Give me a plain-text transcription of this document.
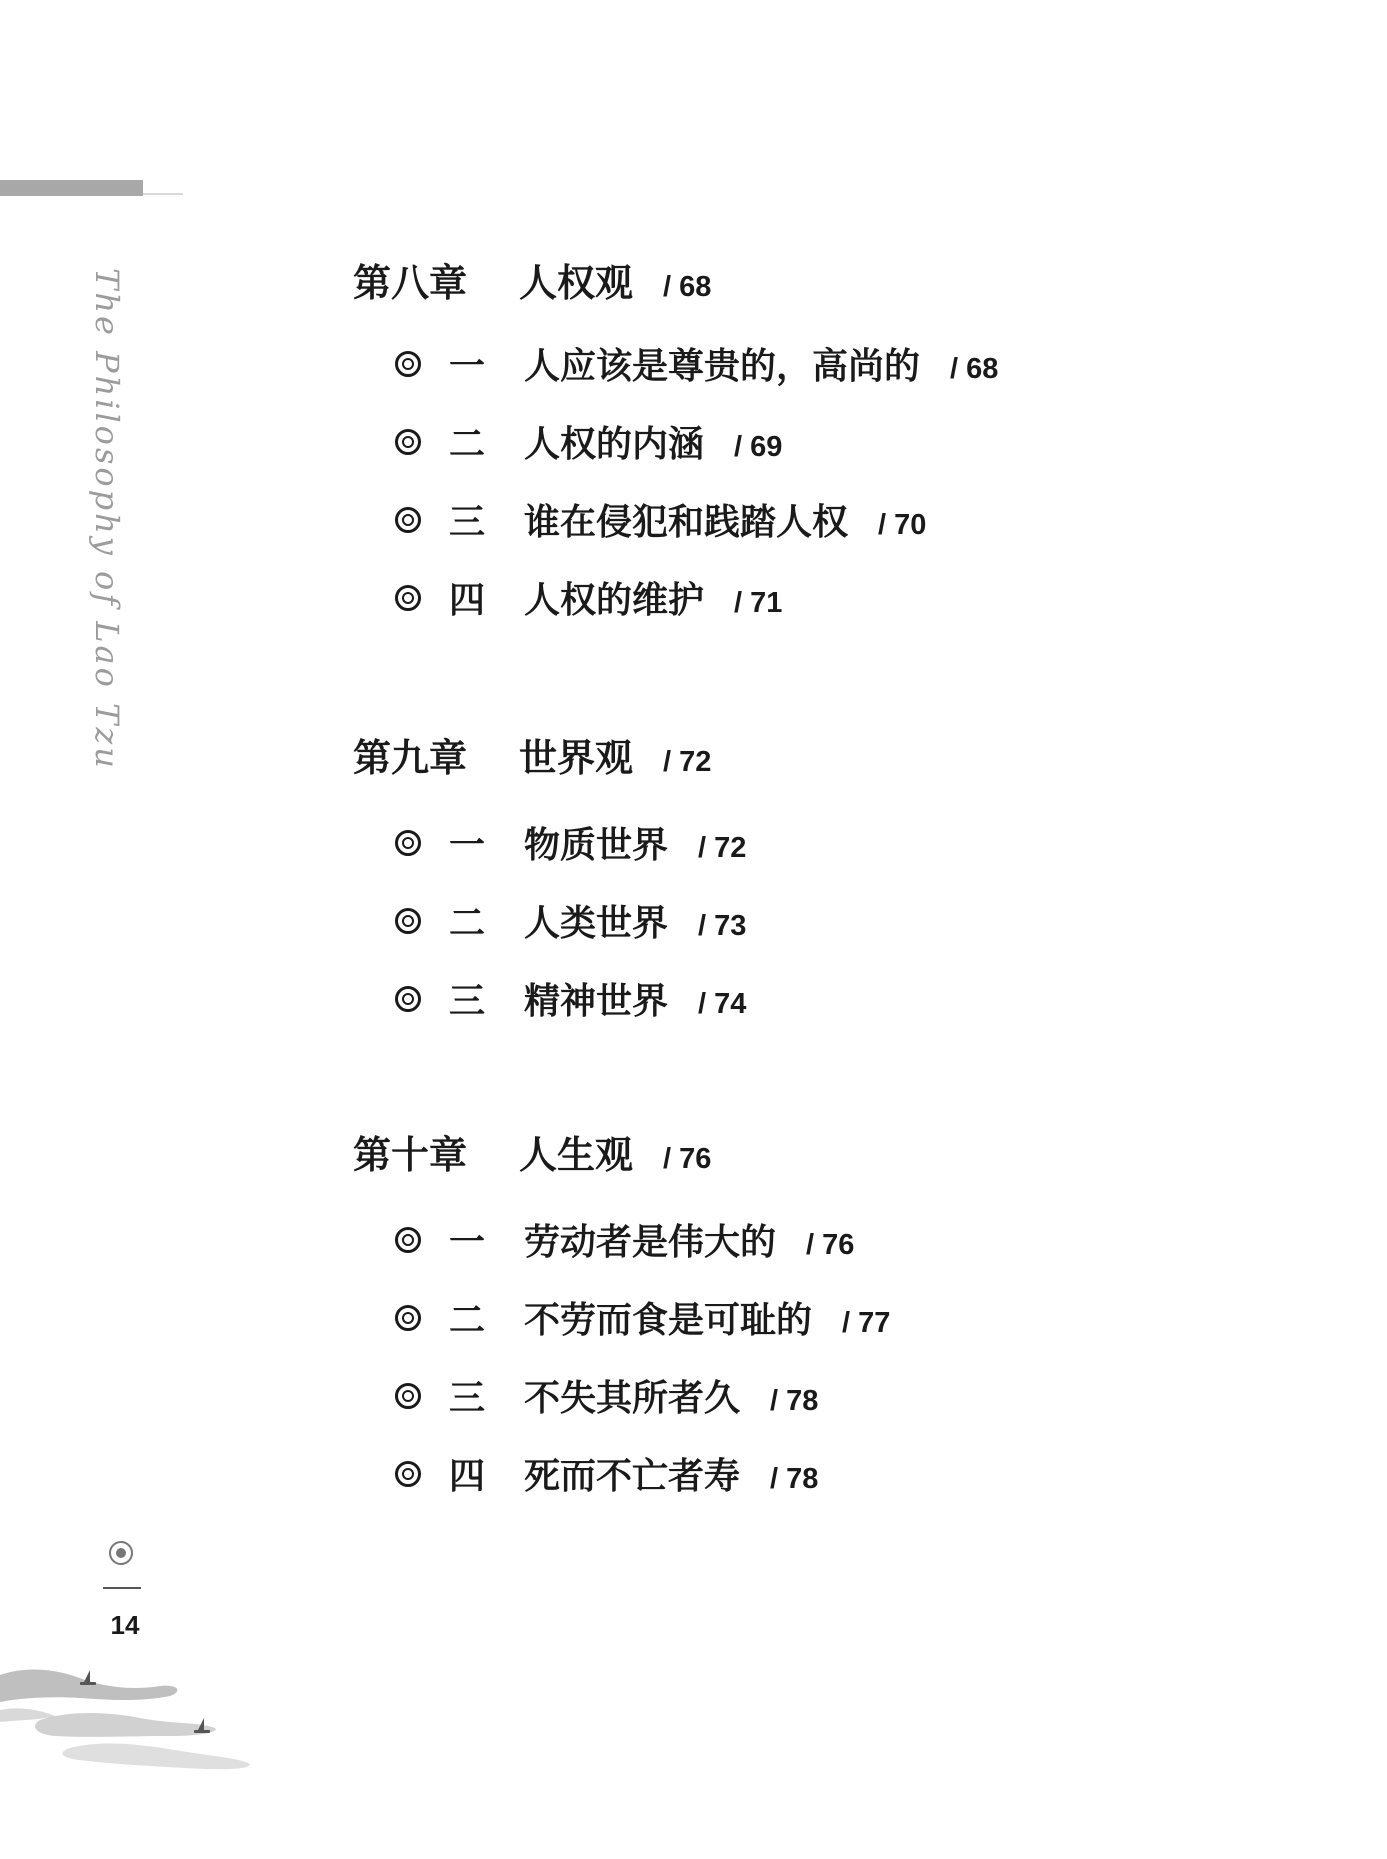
The Philosophy of Lao Tzu	第八章	人权观 / 68
一	人应该是尊贵的，高尚的 / 68
二	人权的内涵 / 69
三	谁在侵犯和践踏人权 / 70
四	人权的维护 / 71
第九章	世界观 / 72
一	物质世界 / 72
二	人类世界 / 73
三	精神世界 / 74
第十章	人生观 / 76
一	劳动者是伟大的 / 76
二	不劳而食是可耻的 / 77
三	不失其所者久 / 78
四	死而不亡者寿 / 78
14
